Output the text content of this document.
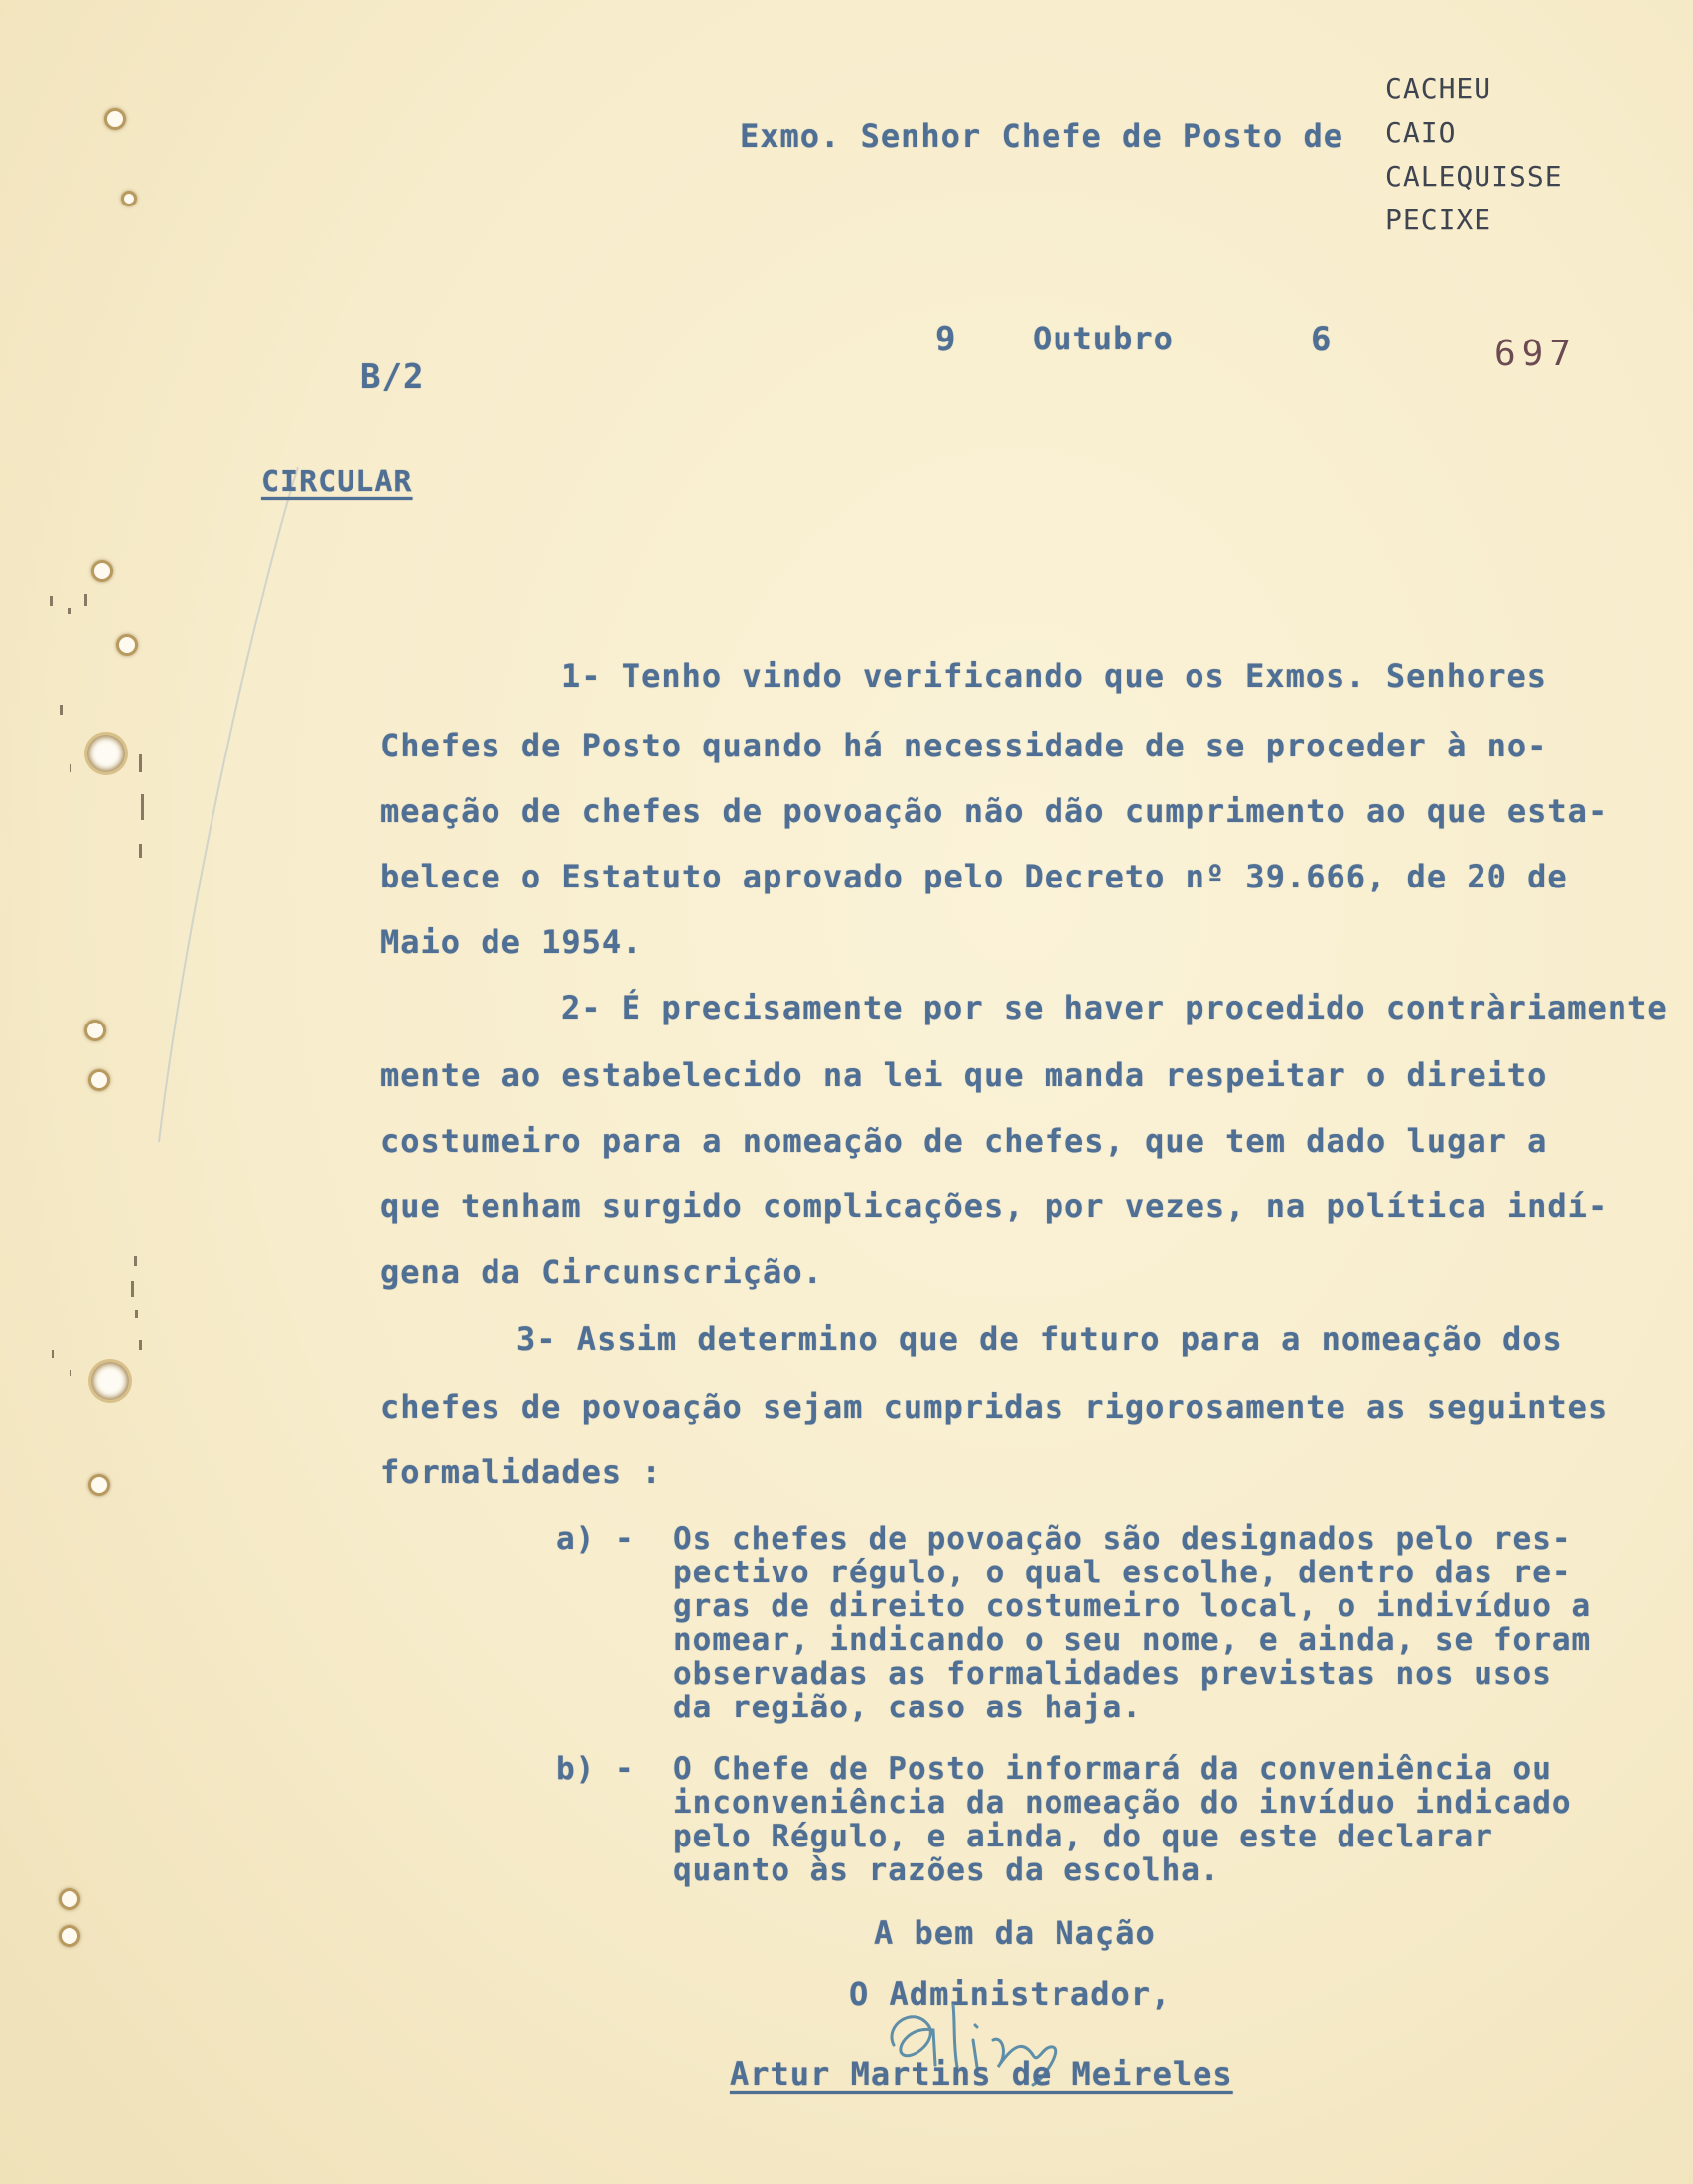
Exmo. Senhor Chefe de Posto de
CACHEU
CAIO
CALEQUISSE
PECIXE
9 Outubro	6	697
B/2
CIRCULAR
1- Tenho vindo verificando que os Exmos. Senhores
Chefes de Posto quando há necessidade de se proceder à no-
meação de chefes de povoação não dão cumprimento ao que esta-
belece o Estatuto aprovado pelo Decreto nº 39.666, de 20 de
Maio de 1954.
2- É precisamente por se haver procedido contràriamente
mente ao estabelecido na lei que manda respeitar o direito
costumeiro para a nomeação de chefes, que tem dado lugar a
que tenham surgido complicações, por vezes, na política indí-
gena da Circunscrição.
3- Assim determino que de futuro para a nomeação dos
chefes de povoação sejam cumpridas rigorosamente as seguintes
formalidades :
a) - Os chefes de povoação são designados pelo res-
pectivo régulo, o qual escolhe, dentro das re-
gras de direito costumeiro local, o indivíduo a
nomear, indicando o seu nome, e ainda, se foram
observadas as formalidades previstas nos usos
da região, caso as haja.
b) - O Chefe de Posto informará da conveniência ou
inconveniência da nomeação do invíduo indicado
pelo Régulo, e ainda, do que este declarar
quanto às razões da escolha.
A bem da Nação
O Administrador,
Artur Martins de Meireles
